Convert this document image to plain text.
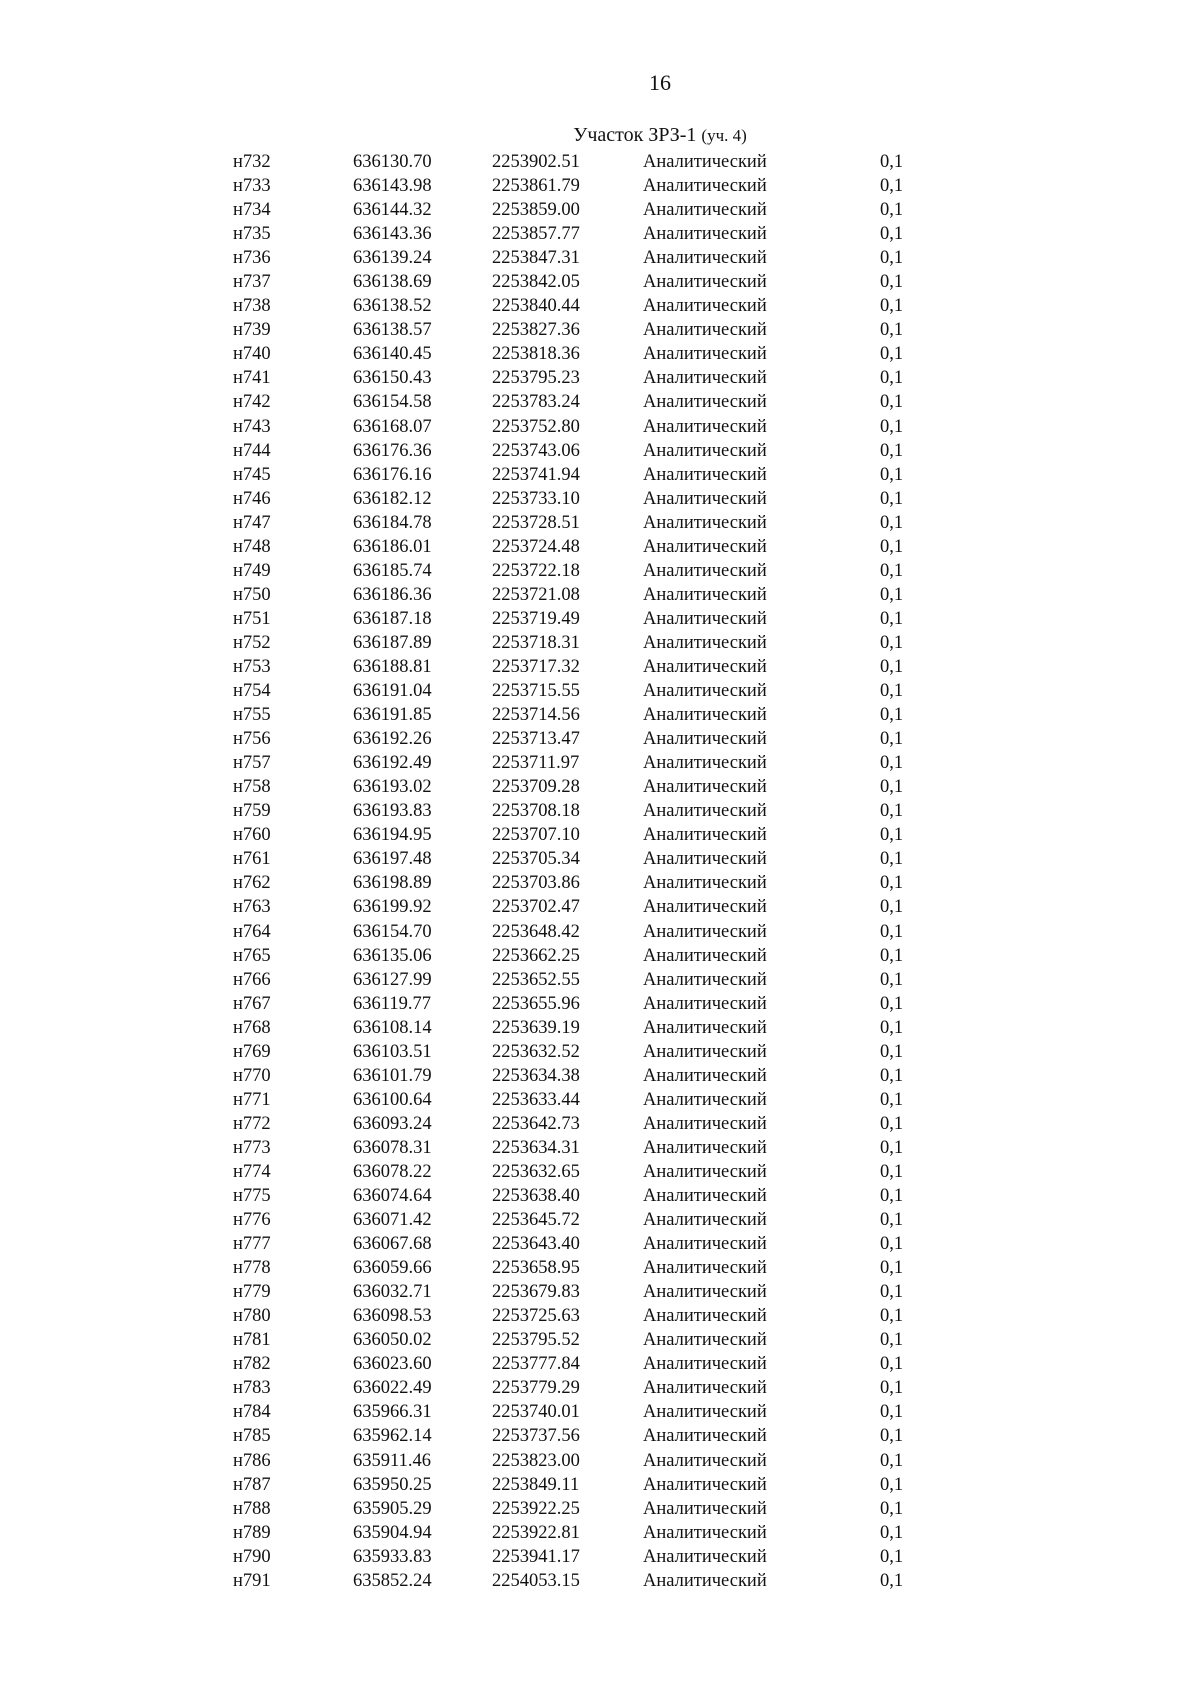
16
Участок ЗРЗ-1 (уч. 4)
н732	636130.70	2253902.51	Аналитический	0,1
н733	636143.98	2253861.79	Аналитический	0,1
н734	636144.32	2253859.00	Аналитический	0,1
н735	636143.36	2253857.77	Аналитический	0,1
н736	636139.24	2253847.31	Аналитический	0,1
н737	636138.69	2253842.05	Аналитический	0,1
н738	636138.52	2253840.44	Аналитический	0,1
н739	636138.57	2253827.36	Аналитический	0,1
н740	636140.45	2253818.36	Аналитический	0,1
н741	636150.43	2253795.23	Аналитический	0,1
н742	636154.58	2253783.24	Аналитический	0,1
н743	636168.07	2253752.80	Аналитический	0,1
н744	636176.36	2253743.06	Аналитический	0,1
н745	636176.16	2253741.94	Аналитический	0,1
н746	636182.12	2253733.10	Аналитический	0,1
н747	636184.78	2253728.51	Аналитический	0,1
н748	636186.01	2253724.48	Аналитический	0,1
н749	636185.74	2253722.18	Аналитический	0,1
н750	636186.36	2253721.08	Аналитический	0,1
н751	636187.18	2253719.49	Аналитический	0,1
н752	636187.89	2253718.31	Аналитический	0,1
н753	636188.81	2253717.32	Аналитический	0,1
н754	636191.04	2253715.55	Аналитический	0,1
н755	636191.85	2253714.56	Аналитический	0,1
н756	636192.26	2253713.47	Аналитический	0,1
н757	636192.49	2253711.97	Аналитический	0,1
н758	636193.02	2253709.28	Аналитический	0,1
н759	636193.83	2253708.18	Аналитический	0,1
н760	636194.95	2253707.10	Аналитический	0,1
н761	636197.48	2253705.34	Аналитический	0,1
н762	636198.89	2253703.86	Аналитический	0,1
н763	636199.92	2253702.47	Аналитический	0,1
н764	636154.70	2253648.42	Аналитический	0,1
н765	636135.06	2253662.25	Аналитический	0,1
н766	636127.99	2253652.55	Аналитический	0,1
н767	636119.77	2253655.96	Аналитический	0,1
н768	636108.14	2253639.19	Аналитический	0,1
н769	636103.51	2253632.52	Аналитический	0,1
н770	636101.79	2253634.38	Аналитический	0,1
н771	636100.64	2253633.44	Аналитический	0,1
н772	636093.24	2253642.73	Аналитический	0,1
н773	636078.31	2253634.31	Аналитический	0,1
н774	636078.22	2253632.65	Аналитический	0,1
н775	636074.64	2253638.40	Аналитический	0,1
н776	636071.42	2253645.72	Аналитический	0,1
н777	636067.68	2253643.40	Аналитический	0,1
н778	636059.66	2253658.95	Аналитический	0,1
н779	636032.71	2253679.83	Аналитический	0,1
н780	636098.53	2253725.63	Аналитический	0,1
н781	636050.02	2253795.52	Аналитический	0,1
н782	636023.60	2253777.84	Аналитический	0,1
н783	636022.49	2253779.29	Аналитический	0,1
н784	635966.31	2253740.01	Аналитический	0,1
н785	635962.14	2253737.56	Аналитический	0,1
н786	635911.46	2253823.00	Аналитический	0,1
н787	635950.25	2253849.11	Аналитический	0,1
н788	635905.29	2253922.25	Аналитический	0,1
н789	635904.94	2253922.81	Аналитический	0,1
н790	635933.83	2253941.17	Аналитический	0,1
н791	635852.24	2254053.15	Аналитический	0,1
